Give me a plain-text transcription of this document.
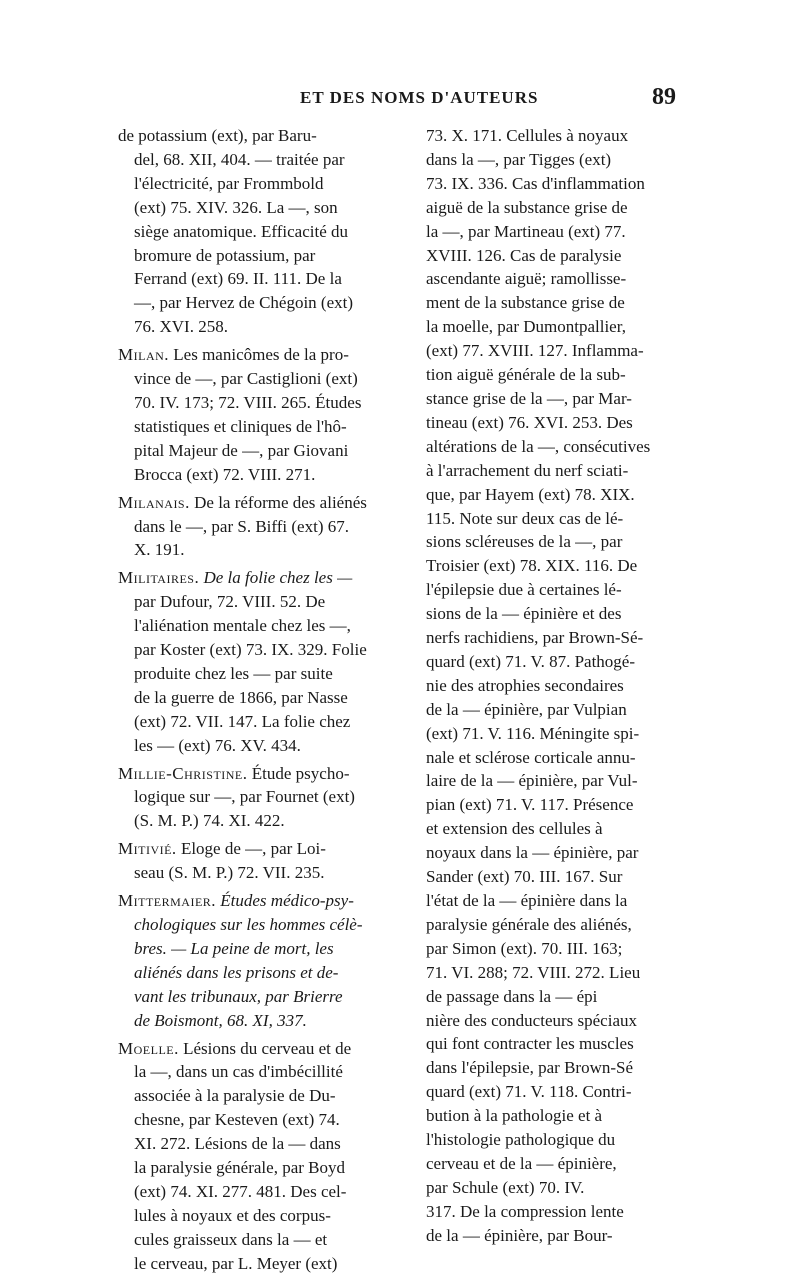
ET DES NOMS D'AUTEURS	89
de potassium (ext), par Baru-
del, 68. XII, 404. — traitée par
l'électricité, par Frommbold
(ext) 75. XIV. 326. La —, son
siège anatomique. Efficacité du
bromure de potassium, par
Ferrand (ext) 69. II. 111. De la
—, par Hervez de Chégoin (ext)
76. XVI. 258.
Milan. Les manicômes de la pro-
vince de —, par Castiglioni (ext)
70. IV. 173; 72. VIII. 265. Études
statistiques et cliniques de l'hô-
pital Majeur de —, par Giovani
Brocca (ext) 72. VIII. 271.
Milanais. De la réforme des aliénés
dans le —, par S. Biffi (ext) 67.
X. 191.
Militaires. De la folie chez les —
par Dufour, 72. VIII. 52. De
l'aliénation mentale chez les —,
par Koster (ext) 73. IX. 329. Folie
produite chez les — par suite
de la guerre de 1866, par Nasse
(ext) 72. VII. 147. La folie chez
les — (ext) 76. XV. 434.
Millie-Christine. Étude psycho-
logique sur —, par Fournet (ext)
(S. M. P.) 74. XI. 422.
Mitivié. Eloge de —, par Loi-
seau (S. M. P.) 72. VII. 235.
Mittermaier. Études médico-psy-
chologiques sur les hommes célè-
bres. — La peine de mort, les
aliénés dans les prisons et de-
vant les tribunaux, par Brierre
de Boismont, 68. XI, 337.
Moelle. Lésions du cerveau et de
la —, dans un cas d'imbécillité
associée à la paralysie de Du-
chesne, par Kesteven (ext) 74.
XI. 272. Lésions de la — dans
la paralysie générale, par Boyd
(ext) 74. XI. 277. 481. Des cel-
lules à noyaux et des corpus-
cules graisseux dans la — et
le cerveau, par L. Meyer (ext)
73. X. 171. Cellules à noyaux
dans la —, par Tigges (ext)
73. IX. 336. Cas d'inflammation
aiguë de la substance grise de
la —, par Martineau (ext) 77.
XVIII. 126. Cas de paralysie
ascendante aiguë; ramollisse-
ment de la substance grise de
la moelle, par Dumontpallier,
(ext) 77. XVIII. 127. Inflamma-
tion aiguë générale de la sub-
stance grise de la —, par Mar-
tineau (ext) 76. XVI. 253. Des
altérations de la —, consécutives
à l'arrachement du nerf sciati-
que, par Hayem (ext) 78. XIX.
115. Note sur deux cas de lé-
sions scléreuses de la —, par
Troisier (ext) 78. XIX. 116. De
l'épilepsie due à certaines lé-
sions de la — épinière et des
nerfs rachidiens, par Brown-Sé-
quard (ext) 71. V. 87. Pathogé-
nie des atrophies secondaires
de la — épinière, par Vulpian
(ext) 71. V. 116. Méningite spi-
nale et sclérose corticale annu-
laire de la — épinière, par Vul-
pian (ext) 71. V. 117. Présence
et extension des cellules à
noyaux dans la — épinière, par
Sander (ext) 70. III. 167. Sur
l'état de la — épinière dans la
paralysie générale des aliénés,
par Simon (ext). 70. III. 163;
71. VI. 288; 72. VIII. 272. Lieu
de passage dans la — épi
nière des conducteurs spéciaux
qui font contracter les muscles
dans l'épilepsie, par Brown-Sé
quard (ext) 71. V. 118. Contri-
bution à la pathologie et à
l'histologie pathologique du
cerveau et de la — épinière,
par Schule (ext) 70. IV.
317. De la compression lente
de la — épinière, par Bour-
